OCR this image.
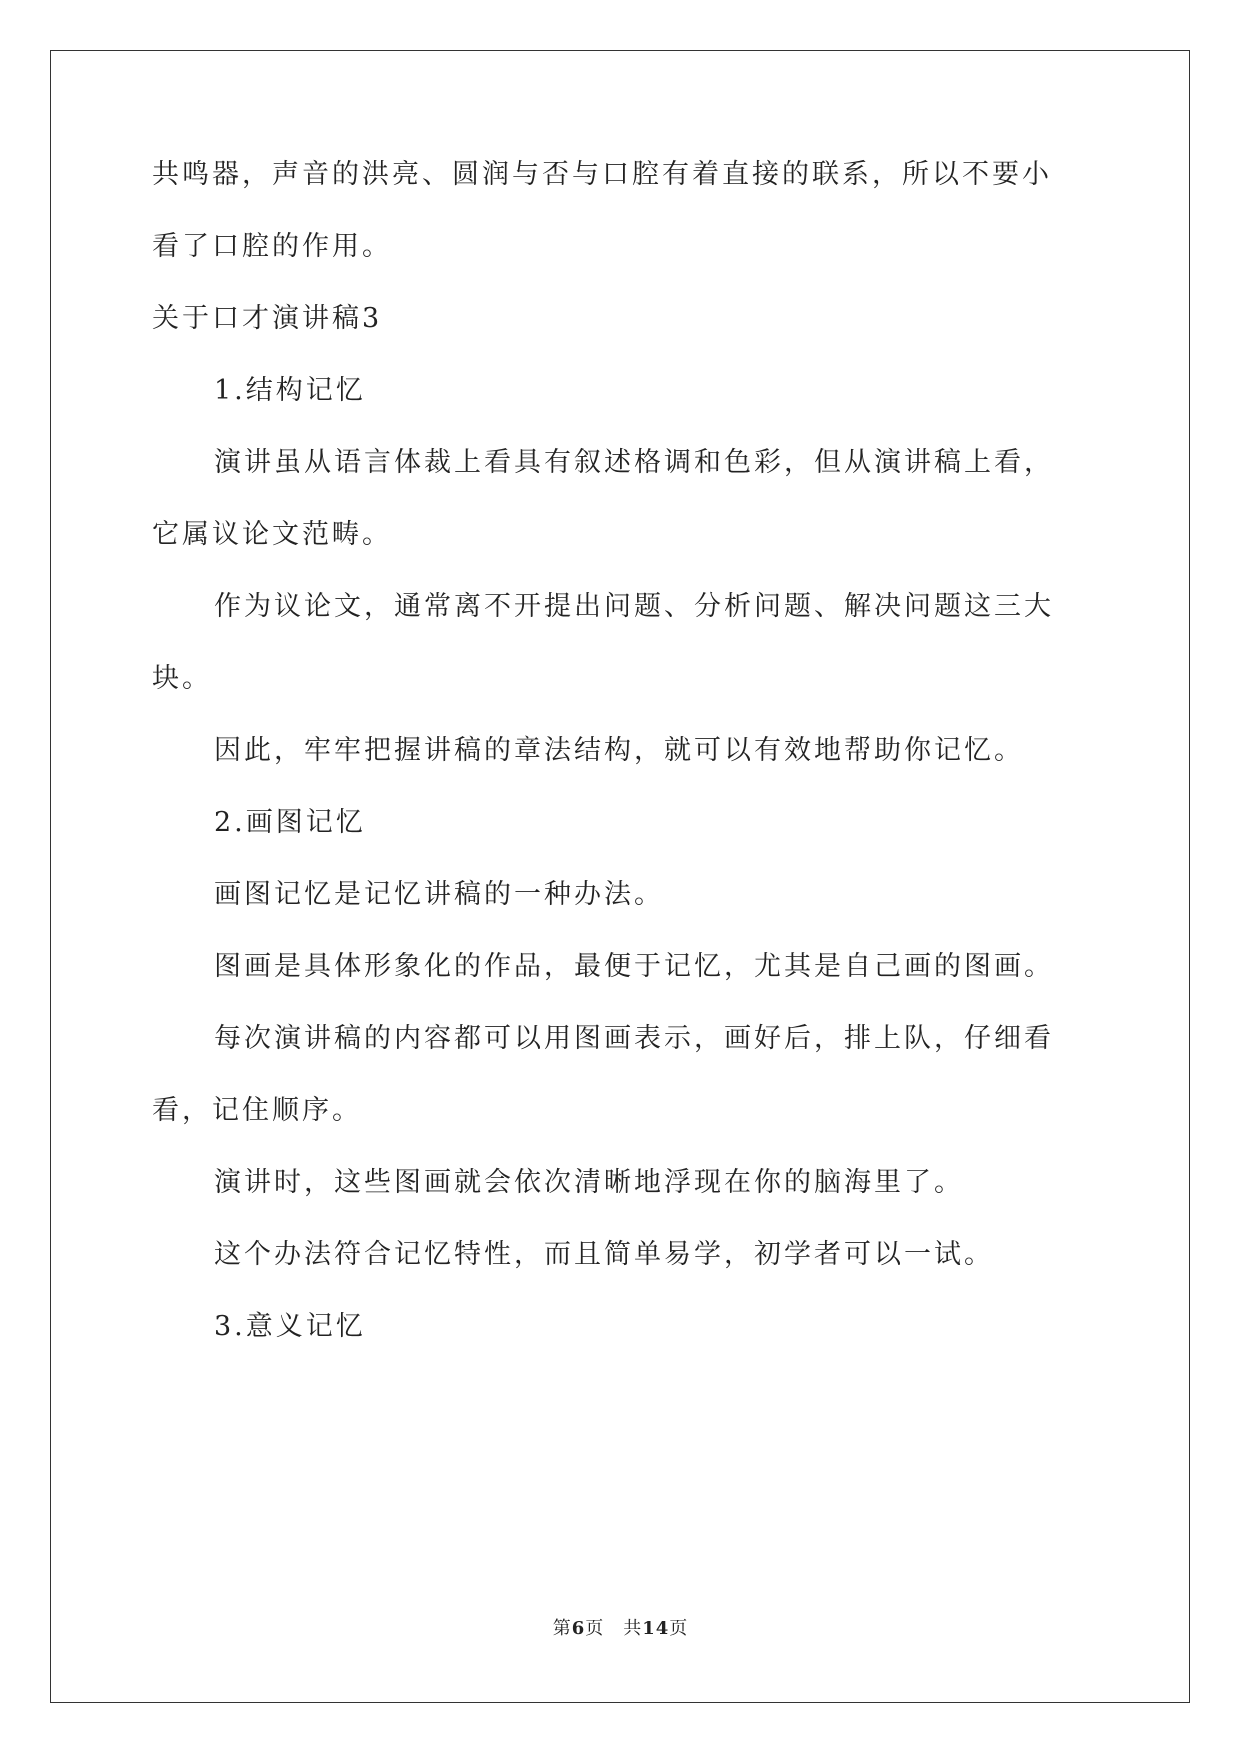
共鸣器，声音的洪亮、圆润与否与口腔有着直接的联系，所以不要小
看了口腔的作用。
关于口才演讲稿3
1.结构记忆
演讲虽从语言体裁上看具有叙述格调和色彩，但从演讲稿上看，
它属议论文范畴。
作为议论文，通常离不开提出问题、分析问题、解决问题这三大
块。
因此，牢牢把握讲稿的章法结构，就可以有效地帮助你记忆。
2.画图记忆
画图记忆是记忆讲稿的一种办法。
图画是具体形象化的作品，最便于记忆，尤其是自己画的图画。
每次演讲稿的内容都可以用图画表示，画好后，排上队，仔细看
看，记住顺序。
演讲时，这些图画就会依次清晰地浮现在你的脑海里了。
这个办法符合记忆特性，而且简单易学，初学者可以一试。
3.意义记忆
第6页　共14页
